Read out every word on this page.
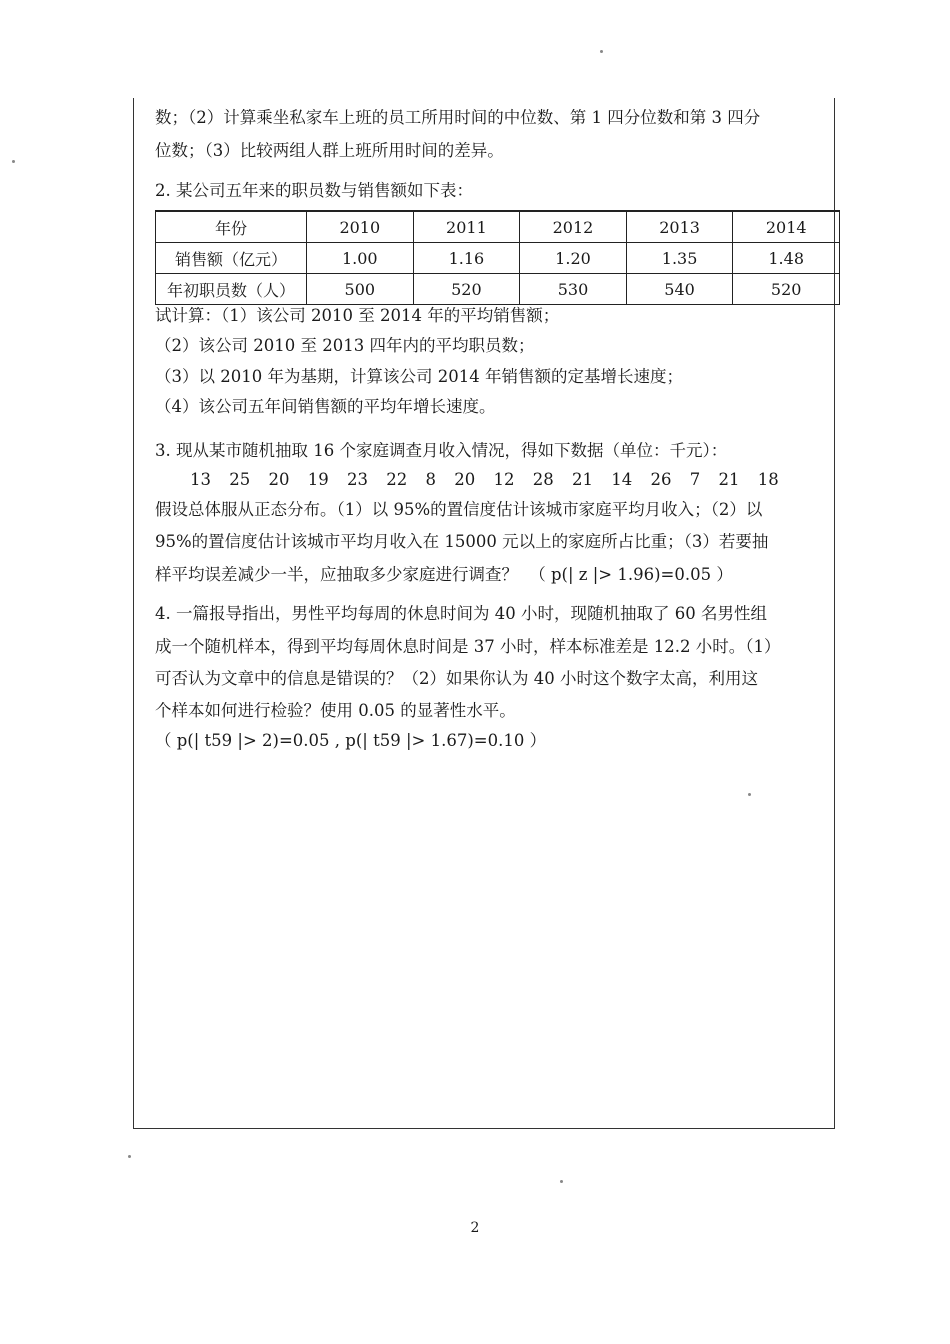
数；（2）计算乘坐私家车上班的员工所用时间的中位数、第 1 四分位数和第 3 四分
位数；（3）比较两组人群上班所用时间的差异。
2. 某公司五年来的职员数与销售额如下表：
年份	2010	2011	2012	2013	2014
销售额（亿元）	1.00	1.16	1.20	1.35	1.48
年初职员数（人）	500	520	530	540	520
试计算：（1）该公司 2010 至 2014 年的平均销售额；
（2）该公司 2010 至 2013 四年内的平均职员数；
（3）以 2010 年为基期，计算该公司 2014 年销售额的定基增长速度；
（4）该公司五年间销售额的平均年增长速度。
3. 现从某市随机抽取 16 个家庭调查月收入情况，得如下数据（单位：千元）：
13 25 20 19 23 22 8 20 12 28 21 14 26 7 21 18
假设总体服从正态分布。（1）以 95%的置信度估计该城市家庭平均月收入；（2）以
95%的置信度估计该城市平均月收入在 15000 元以上的家庭所占比重；（3）若要抽
样平均误差减少一半，应抽取多少家庭进行调查？ （ p(| z |> 1.96)=0.05 ）
4. 一篇报导指出，男性平均每周的休息时间为 40 小时，现随机抽取了 60 名男性组
成一个随机样本，得到平均每周休息时间是 37 小时，样本标准差是 12.2 小时。（1）
可否认为文章中的信息是错误的？（2）如果你认为 40 小时这个数字太高，利用这
个样本如何进行检验？使用 0.05 的显著性水平。
（ p(| t59 |> 2)=0.05 , p(| t59 |> 1.67)=0.10 ）
2
